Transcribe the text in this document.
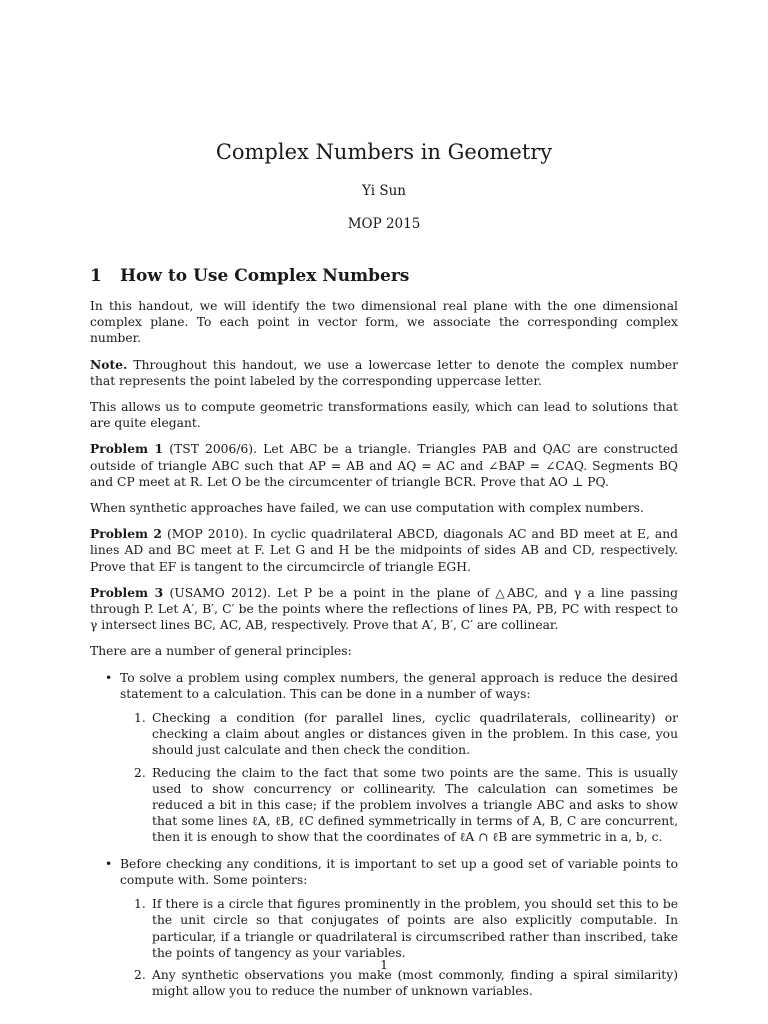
Complex Numbers in Geometry
Yi Sun
MOP 2015
1 How to Use Complex Numbers

In this handout, we will identify the two dimensional real plane with the one dimensional complex plane. To each point in vector form, we associate the corresponding complex number.

Note. Throughout this handout, we use a lowercase letter to denote the complex number that represents the point labeled by the corresponding uppercase letter.

This allows us to compute geometric transformations easily, which can lead to solutions that are quite elegant.

Problem 1 (TST 2006/6). Let ABC be a triangle. Triangles PAB and QAC are constructed outside of triangle ABC such that AP = AB and AQ = AC and ∠BAP = ∠CAQ. Segments BQ and CP meet at R. Let O be the circumcenter of triangle BCR. Prove that AO ⊥ PQ.

When synthetic approaches have failed, we can use computation with complex numbers.

Problem 2 (MOP 2010). In cyclic quadrilateral ABCD, diagonals AC and BD meet at E, and lines AD and BC meet at F. Let G and H be the midpoints of sides AB and CD, respectively. Prove that EF is tangent to the circumcircle of triangle EGH.

Problem 3 (USAMO 2012). Let P be a point in the plane of △ABC, and γ a line passing through P. Let A′, B′, C′ be the points where the reflections of lines PA, PB, PC with respect to γ intersect lines BC, AC, AB, respectively. Prove that A′, B′, C′ are collinear.

There are a number of general principles:

• To solve a problem using complex numbers, the general approach is reduce the desired statement to a calculation. This can be done in a number of ways:
1. Checking a condition (for parallel lines, cyclic quadrilaterals, collinearity) or checking a claim about angles or distances given in the problem. In this case, you should just calculate and then check the condition.
2. Reducing the claim to the fact that some two points are the same. This is usually used to show concurrency or collinearity. The calculation can sometimes be reduced a bit in this case; if the problem involves a triangle ABC and asks to show that some lines ℓA, ℓB, ℓC defined symmetrically in terms of A, B, C are concurrent, then it is enough to show that the coordinates of ℓA ∩ ℓB are symmetric in a, b, c.
• Before checking any conditions, it is important to set up a good set of variable points to compute with. Some pointers:
1. If there is a circle that figures prominently in the problem, you should set this to be the unit circle so that conjugates of points are also explicitly computable. In particular, if a triangle or quadrilateral is circumscribed rather than inscribed, take the points of tangency as your variables.
2. Any synthetic observations you make (most commonly, finding a spiral similarity) might allow you to reduce the number of unknown variables.
1
